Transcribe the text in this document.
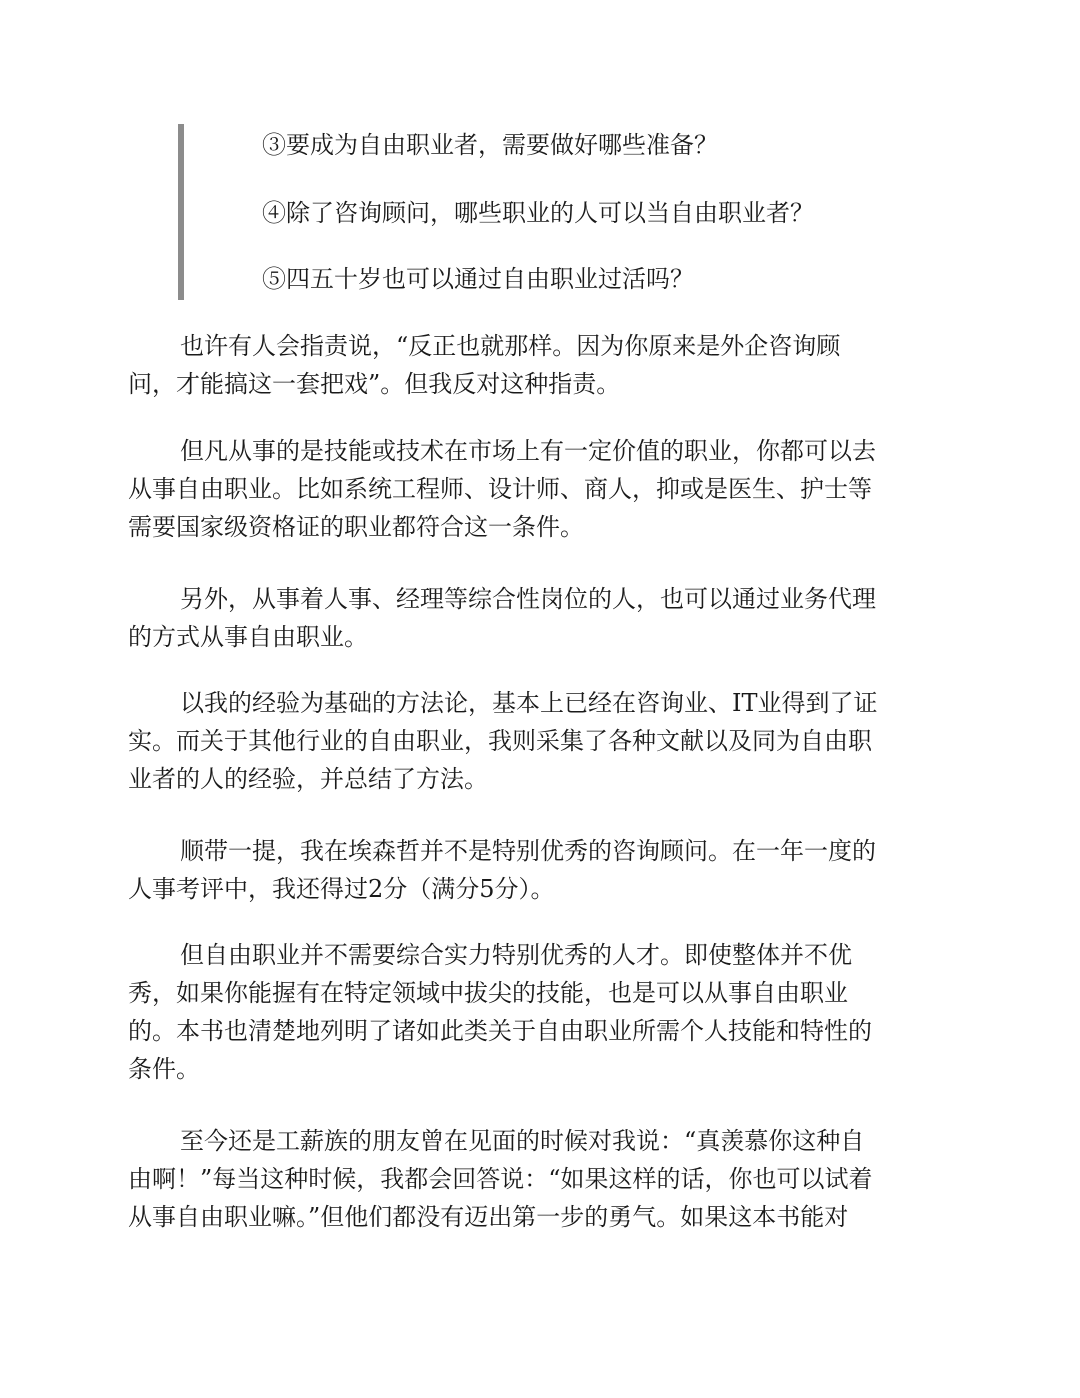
③要成为自由职业者，需要做好哪些准备？
④除了咨询顾问，哪些职业的人可以当自由职业者？
⑤四五十岁也可以通过自由职业过活吗？

也许有人会指责说，“反正也就那样。因为你原来是外企咨询顾
问，才能搞这一套把戏”。但我反对这种指责。

但凡从事的是技能或技术在市场上有一定价值的职业，你都可以去
从事自由职业。比如系统工程师、设计师、商人，抑或是医生、护士等
需要国家级资格证的职业都符合这一条件。

另外，从事着人事、经理等综合性岗位的人，也可以通过业务代理
的方式从事自由职业。

以我的经验为基础的方法论，基本上已经在咨询业、IT业得到了证
实。而关于其他行业的自由职业，我则采集了各种文献以及同为自由职
业者的人的经验，并总结了方法。

顺带一提，我在埃森哲并不是特别优秀的咨询顾问。在一年一度的
人事考评中，我还得过2分（满分5分）。

但自由职业并不需要综合实力特别优秀的人才。即使整体并不优
秀，如果你能握有在特定领域中拔尖的技能，也是可以从事自由职业
的。本书也清楚地列明了诸如此类关于自由职业所需个人技能和特性的
条件。

至今还是工薪族的朋友曾在见面的时候对我说：“真羡慕你这种自
由啊！”每当这种时候，我都会回答说：“如果这样的话，你也可以试着
从事自由职业嘛。”但他们都没有迈出第一步的勇气。如果这本书能对
